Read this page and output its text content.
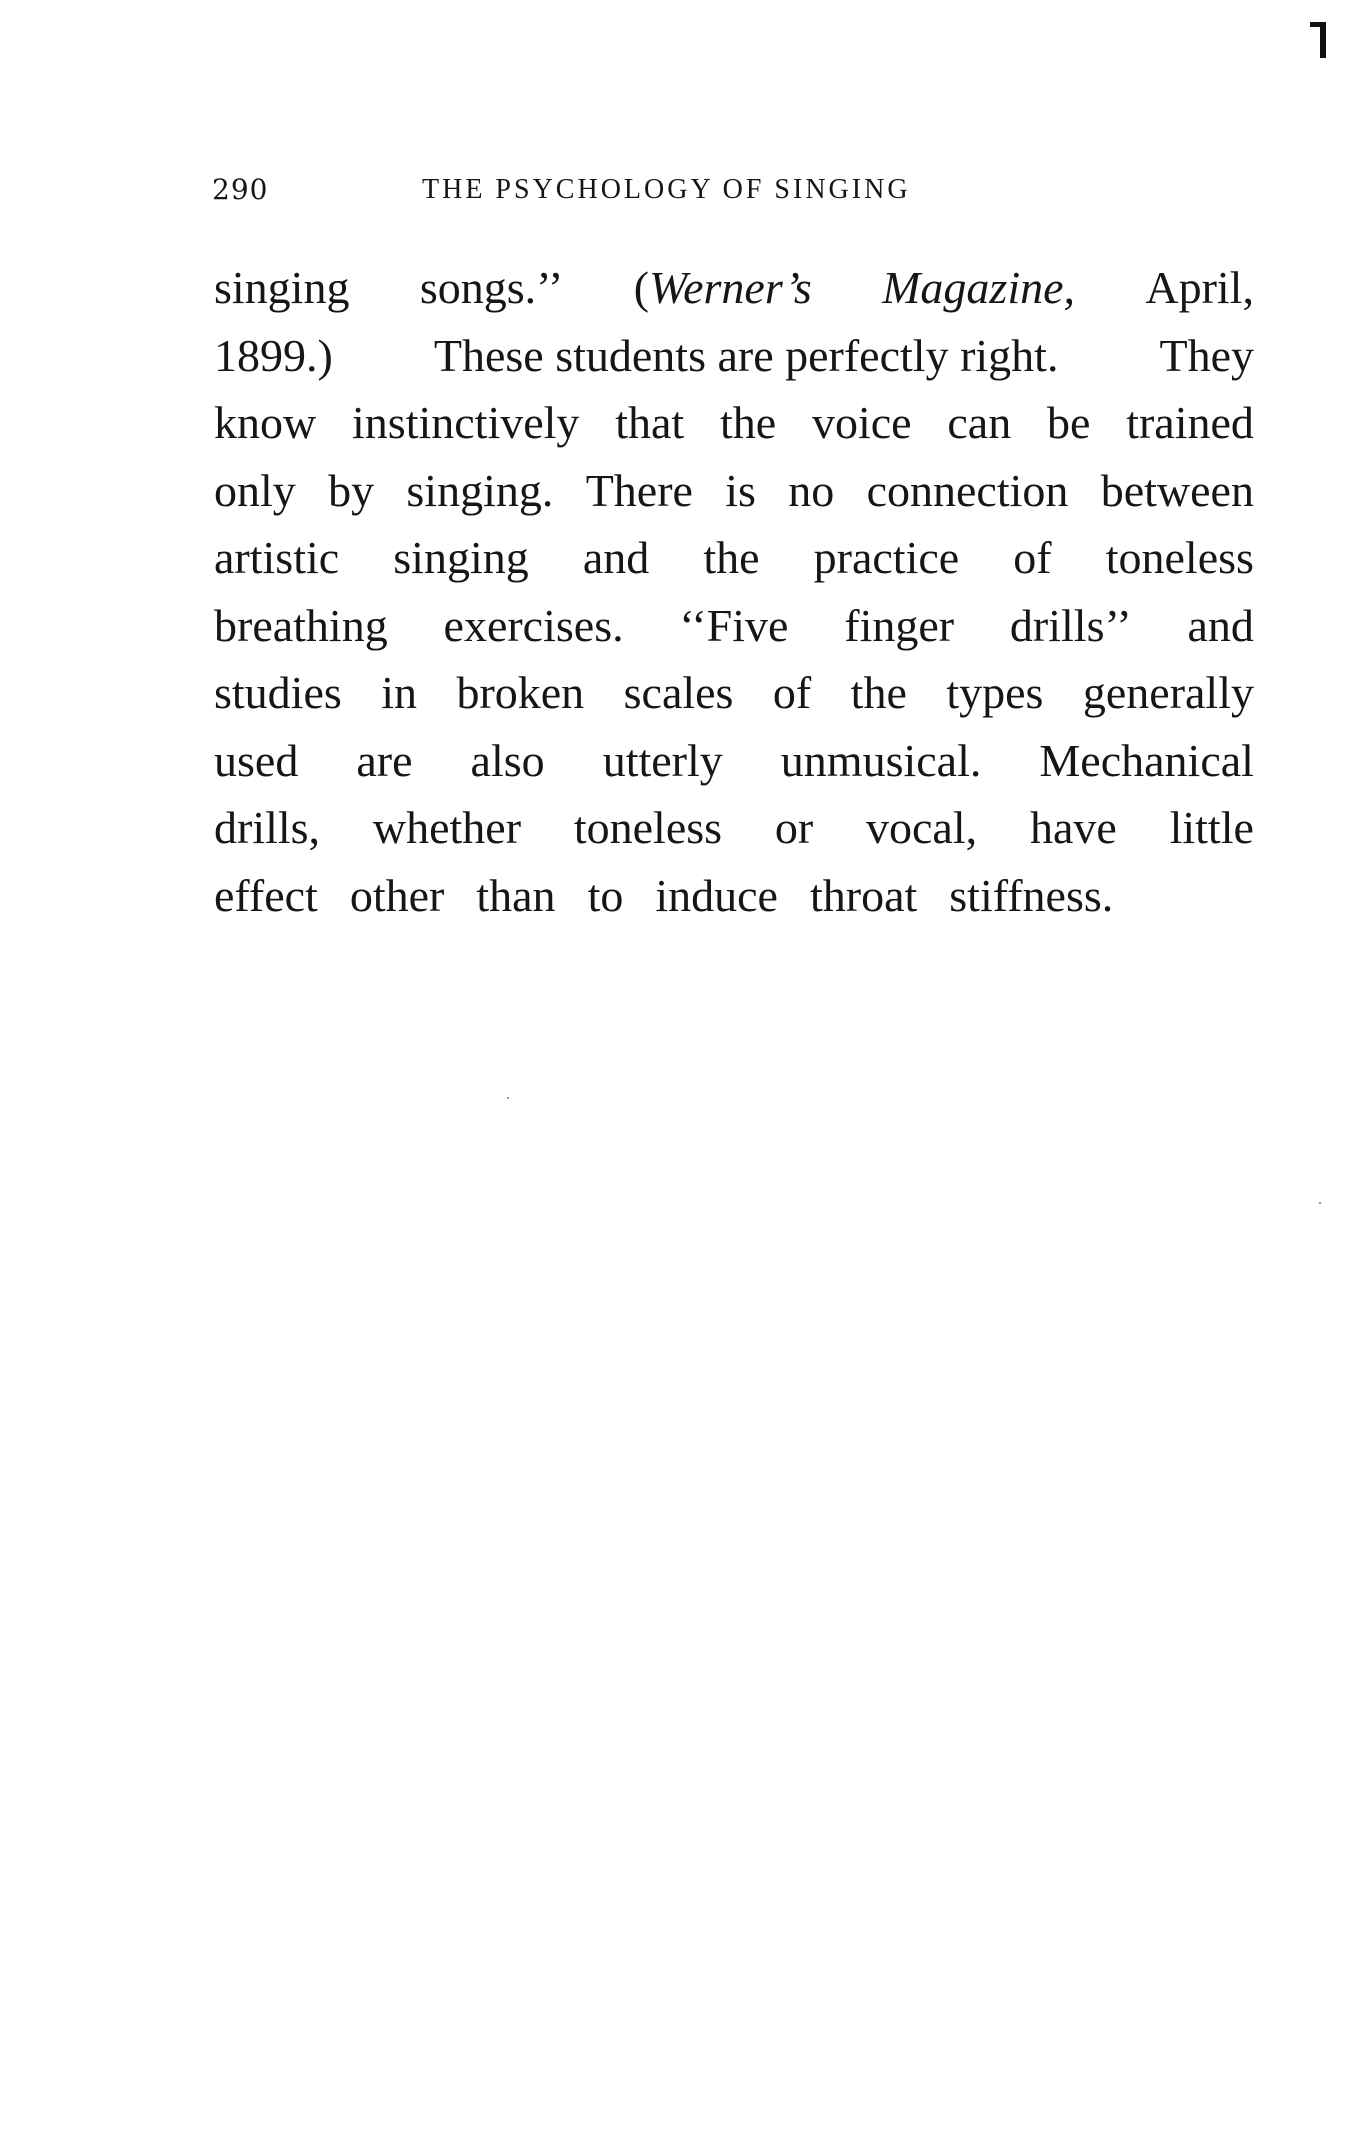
290	THE PSYCHOLOGY OF SINGING
singing songs.’’ (Werner’s Magazine, April,
1899.) These students are perfectly right. They
know instinctively that the voice can be trained
only by singing. There is no connection between
artistic singing and the practice of toneless
breathing exercises. ‘‘Five finger drills’’ and
studies in broken scales of the types generally
used are also utterly unmusical. Mechanical
drills, whether toneless or vocal, have little
effect other than to induce throat stiffness.
